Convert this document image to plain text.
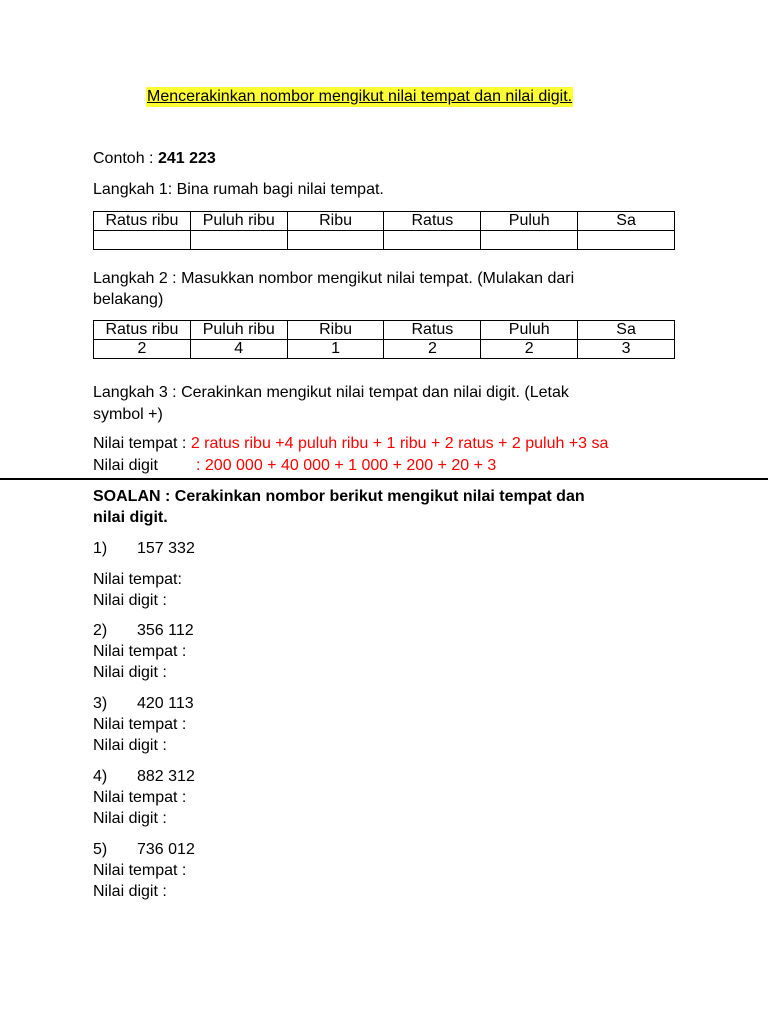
Mencerakinkan nombor mengikut nilai tempat dan nilai digit.
Contoh : 241 223
Langkah 1: Bina rumah bagi nilai tempat.
Ratus ribu	Puluh ribu	Ribu	Ratus	Puluh	Sa

Langkah 2 : Masukkan nombor mengikut nilai tempat. (Mulakan dari
belakang)
Ratus ribu	Puluh ribu	Ribu	Ratus	Puluh	Sa
2	4	1	2	2	3
Langkah 3 : Cerakinkan mengikut nilai tempat dan nilai digit. (Letak
symbol +)
Nilai tempat : 2 ratus ribu +4 puluh ribu + 1 ribu + 2 ratus + 2 puluh +3 sa
Nilai digit : 200 000 + 40 000 + 1 000 + 200 + 20 + 3
SOALAN : Cerakinkan nombor berikut mengikut nilai tempat dan
nilai digit.
1) 157 332
Nilai tempat:
Nilai digit :
2) 356 112
Nilai tempat :
Nilai digit :
3) 420 113
Nilai tempat :
Nilai digit :
4) 882 312
Nilai tempat :
Nilai digit :
5) 736 012
Nilai tempat :
Nilai digit :
